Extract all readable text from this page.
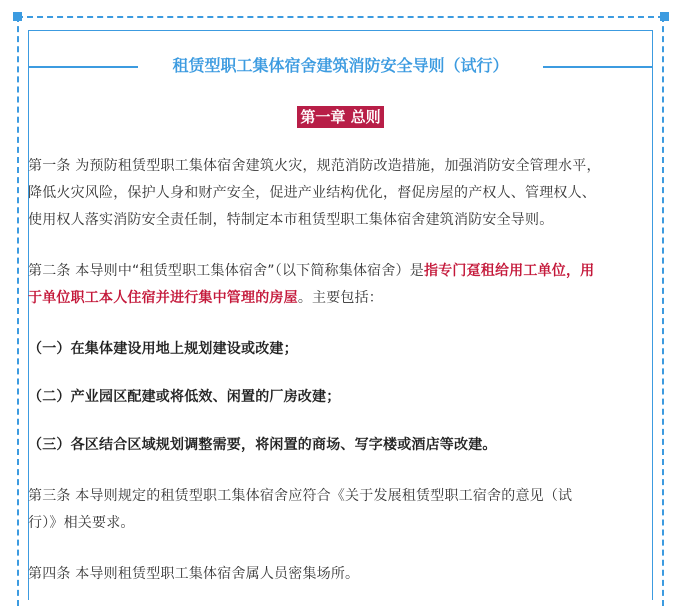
租赁型职工集体宿舍建筑消防安全导则（试行）
第一章 总则

第一条 为预防租赁型职工集体宿舍建筑火灾，规范消防改造措施，加强消防安全管理水平，

降低火灾风险，保护人身和财产安全，促进产业结构优化，督促房屋的产权人、管理权人、

使用权人落实消防安全责任制，特制定本市租赁型职工集体宿舍建筑消防安全导则。

第二条 本导则中“租赁型职工集体宿舍”（以下简称集体宿舍）是指专门趸租给用工单位，用

于单位职工本人住宿并进行集中管理的房屋。主要包括：

（一）在集体建设用地上规划建设或改建；

（二）产业园区配建或将低效、闲置的厂房改建；

（三）各区结合区域规划调整需要，将闲置的商场、写字楼或酒店等改建。

第三条 本导则规定的租赁型职工集体宿舍应符合《关于发展租赁型职工宿舍的意见（试

行）》相关要求。

第四条 本导则租赁型职工集体宿舍属人员密集场所。
